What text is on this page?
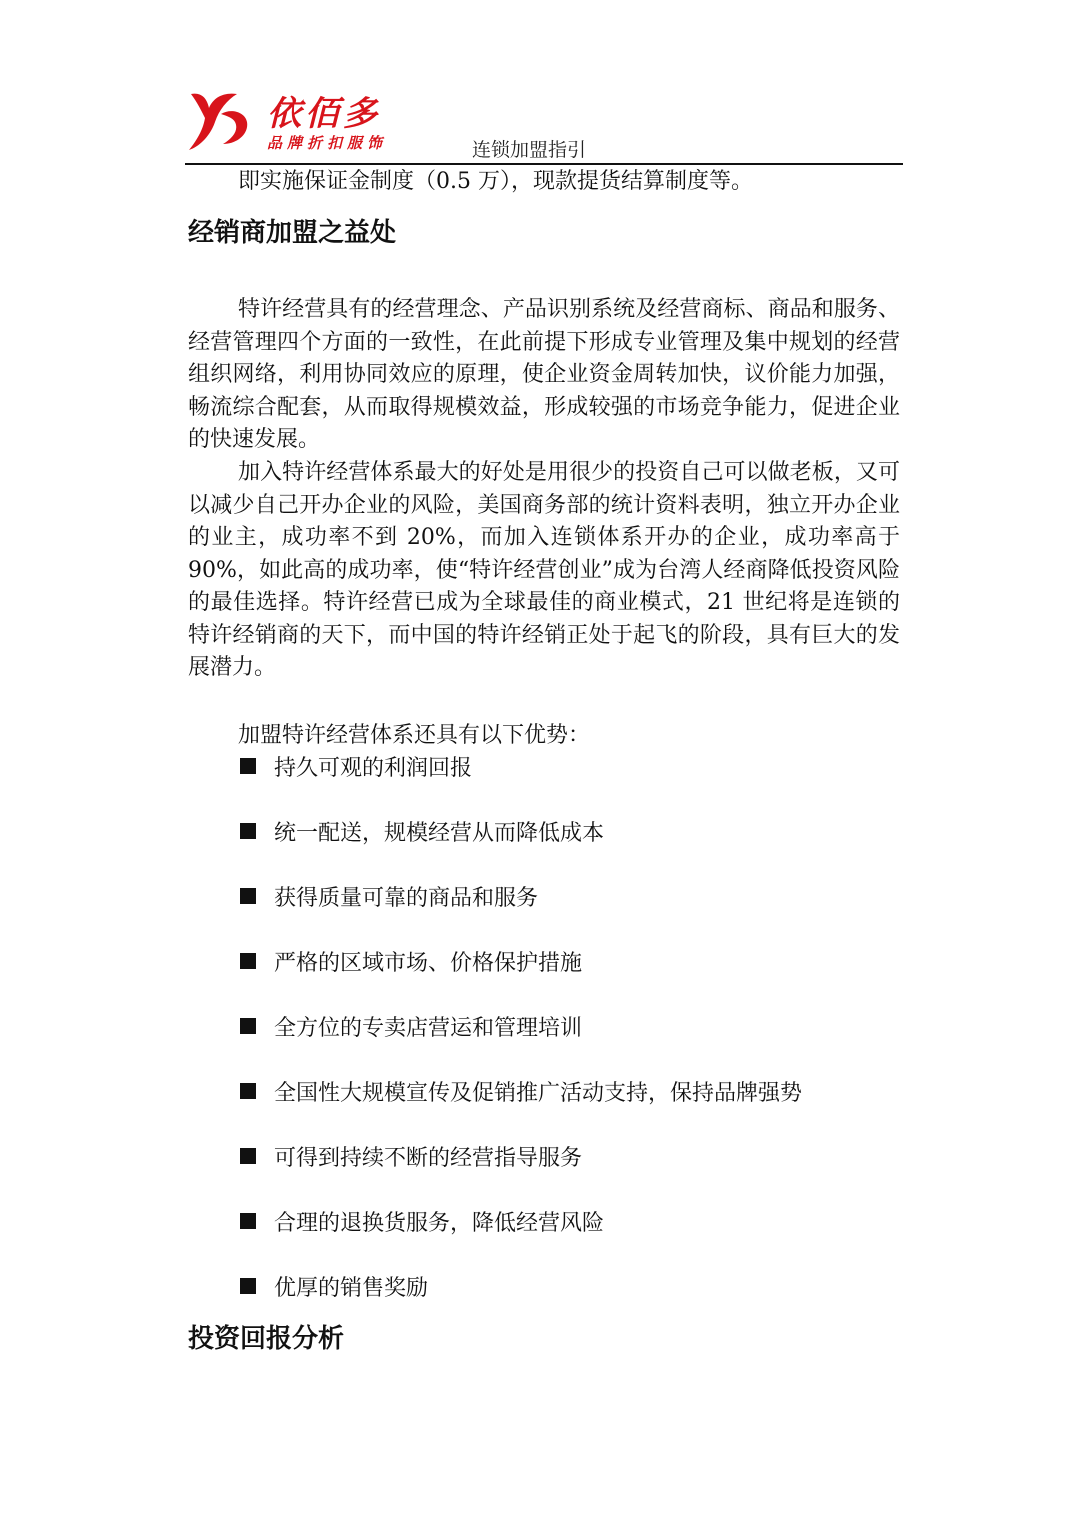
依佰多
品牌折扣服饰	连锁加盟指引

即实施保证金制度（0.5 万），现款提货结算制度等。

经销商加盟之益处

特许经营具有的经营理念、产品识别系统及经营商标、商品和服务、经营管理四个方面的一致性，在此前提下形成专业管理及集中规划的经营组织网络，利用协同效应的原理，使企业资金周转加快，议价能力加强，畅流综合配套，从而取得规模效益，形成较强的市场竞争能力，促进企业的快速发展。

加入特许经营体系最大的好处是用很少的投资自己可以做老板，又可以减少自己开办企业的风险，美国商务部的统计资料表明，独立开办企业的业主，成功率不到 20%，而加入连锁体系开办的企业，成功率高于 90%，如此高的成功率，使“特许经营创业”成为台湾人经商降低投资风险的最佳选择。特许经营已成为全球最佳的商业模式，21 世纪将是连锁的特许经销商的天下，而中国的特许经销正处于起飞的阶段，具有巨大的发展潜力。

加盟特许经营体系还具有以下优势：
持久可观的利润回报
统一配送，规模经营从而降低成本
获得质量可靠的商品和服务
严格的区域市场、价格保护措施
全方位的专卖店营运和管理培训
全国性大规模宣传及促销推广活动支持，保持品牌强势
可得到持续不断的经营指导服务
合理的退换货服务，降低经营风险
优厚的销售奖励
投资回报分析
